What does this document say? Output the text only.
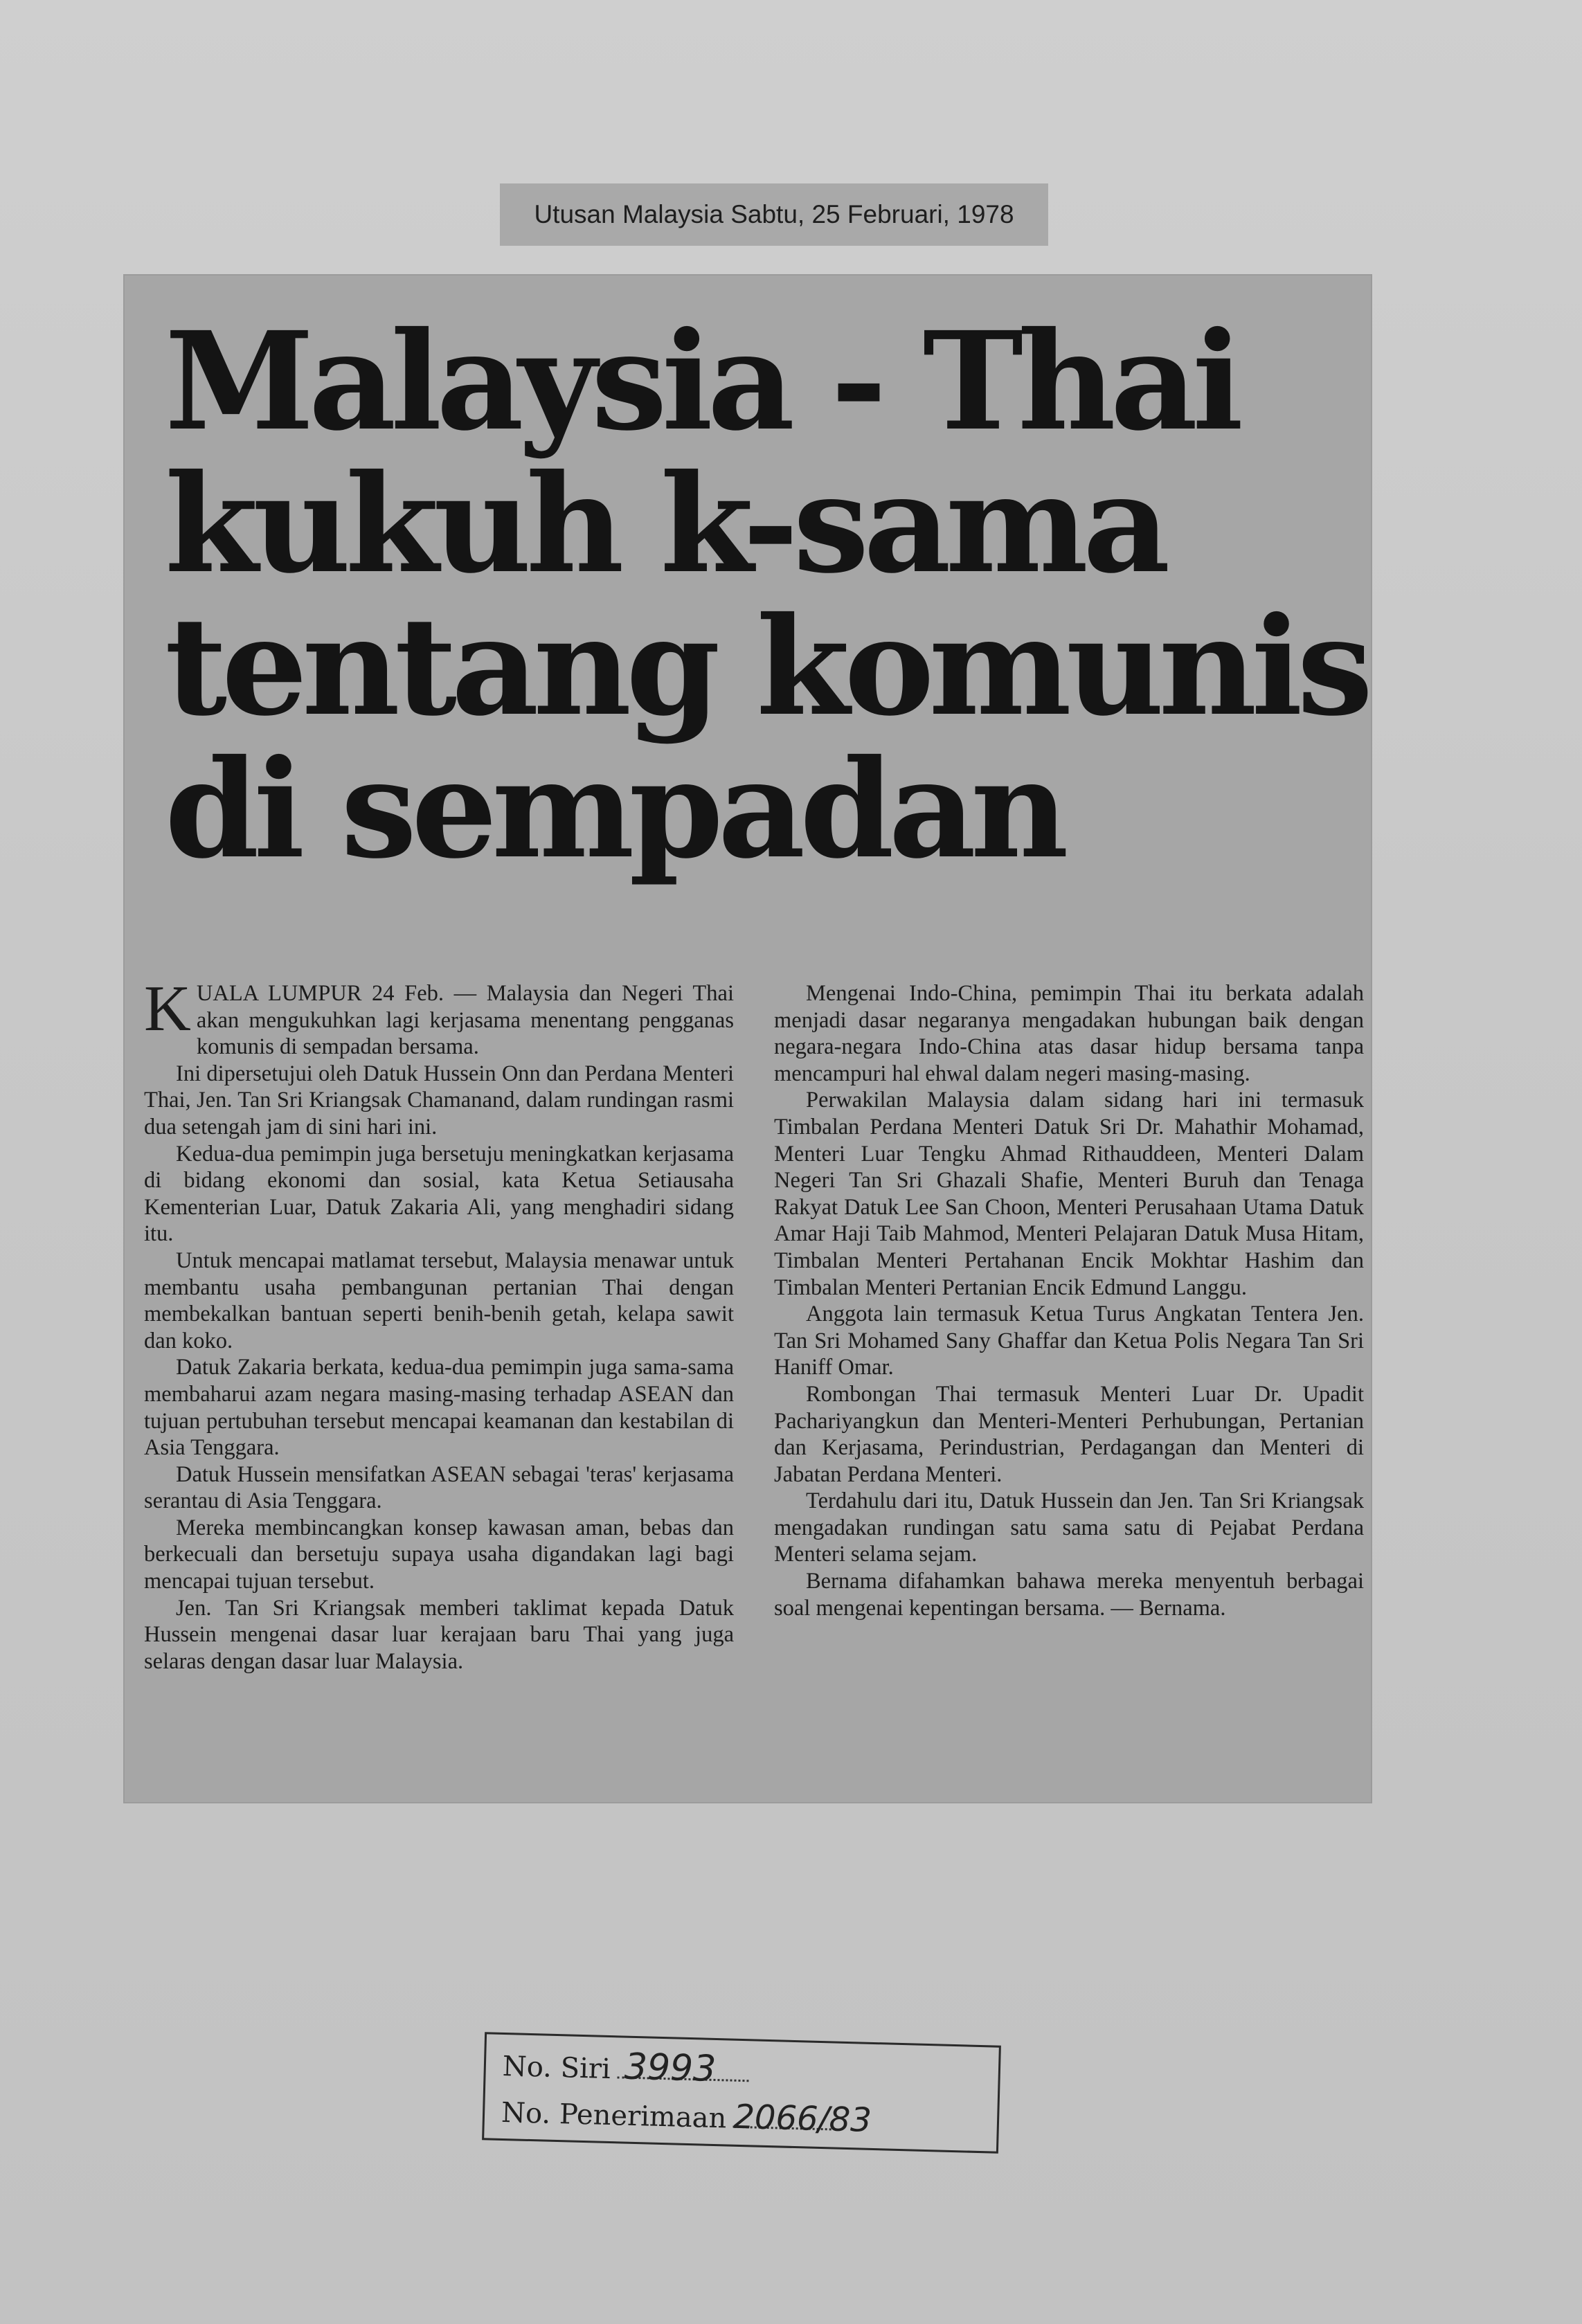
Utusan Malaysia Sabtu, 25 Februari, 1978
Malaysia - Thai
kukuh k-sama
tentang komunis
di sempadan

KUALA LUMPUR 24 Feb. — Malaysia dan Negeri Thai akan mengukuhkan lagi kerjasama menentang pengganas komunis di sempadan bersama.

Ini dipersetujui oleh Datuk Hussein Onn dan Perdana Menteri Thai, Jen. Tan Sri Kriangsak Chamanand, dalam rundingan rasmi dua setengah jam di sini hari ini.

Kedua-dua pemimpin juga bersetuju meningkatkan kerjasama di bidang ekonomi dan sosial, kata Ketua Setiausaha Kementerian Luar, Datuk Zakaria Ali, yang menghadiri sidang itu.

Untuk mencapai matlamat tersebut, Malaysia menawar untuk membantu usaha pembangunan pertanian Thai dengan membekalkan bantuan seperti benih-benih getah, kelapa sawit dan koko.

Datuk Zakaria berkata, kedua-dua pemimpin juga sama-sama membaharui azam negara masing-masing terhadap ASEAN dan tujuan pertubuhan tersebut mencapai keamanan dan kestabilan di Asia Tenggara.

Datuk Hussein mensifatkan ASEAN sebagai 'teras' kerjasama serantau di Asia Tenggara.

Mereka membincangkan konsep kawasan aman, bebas dan berkecuali dan bersetuju supaya usaha digandakan lagi bagi mencapai tujuan tersebut.

Jen. Tan Sri Kriangsak memberi taklimat kepada Datuk Hussein mengenai dasar luar kerajaan baru Thai yang juga selaras dengan dasar luar Malaysia.

Mengenai Indo-China, pemimpin Thai itu berkata adalah menjadi dasar negaranya mengadakan hubungan baik dengan negara-negara Indo-China atas dasar hidup bersama tanpa mencampuri hal ehwal dalam negeri masing-masing.

Perwakilan Malaysia dalam sidang hari ini termasuk Timbalan Perdana Menteri Datuk Sri Dr. Mahathir Mohamad, Menteri Luar Tengku Ahmad Rithauddeen, Menteri Dalam Negeri Tan Sri Ghazali Shafie, Menteri Buruh dan Tenaga Rakyat Datuk Lee San Choon, Menteri Perusahaan Utama Datuk Amar Haji Taib Mahmod, Menteri Pelajaran Datuk Musa Hitam, Timbalan Menteri Pertahanan Encik Mokhtar Hashim dan Timbalan Menteri Pertanian Encik Edmund Langgu.

Anggota lain termasuk Ketua Turus Angkatan Tentera Jen. Tan Sri Mohamed Sany Ghaffar dan Ketua Polis Negara Tan Sri Haniff Omar.

Rombongan Thai termasuk Menteri Luar Dr. Upadit Pachariyangkun dan Menteri-Menteri Perhubungan, Pertanian dan Kerjasama, Perindustrian, Perdagangan dan Menteri di Jabatan Perdana Menteri.

Terdahulu dari itu, Datuk Hussein dan Jen. Tan Sri Kriangsak mengadakan rundingan satu sama satu di Pejabat Perdana Menteri selama sejam.

Bernama difahamkan bahawa mereka menyentuh berbagai soal mengenai kepentingan bersama. — Bernama.

No. Siri 3993
No. Penerimaan 2066/83
